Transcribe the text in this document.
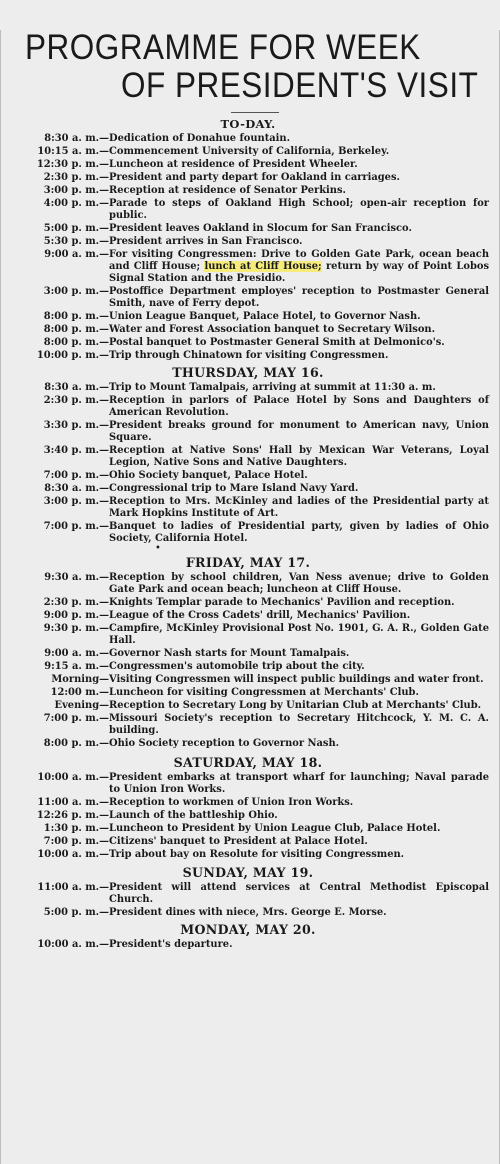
PROGRAMME FOR WEEK
OF PRESIDENT'S VISIT
TO-DAY.
8:30 a. m.— Dedication of Donahue fountain.
10:15 a. m.— Commencement University of California, Berkeley.
12:30 p. m.— Luncheon at residence of President Wheeler.
2:30 p. m.— President and party depart for Oakland in carriages.
3:00 p. m.— Reception at residence of Senator Perkins.
4:00 p. m.— Parade to steps of Oakland High School; open-air reception for public.
5:00 p. m.— President leaves Oakland in Slocum for San Francisco.
5:30 p. m.— President arrives in San Francisco.
9:00 a. m.— For visiting Congressmen: Drive to Golden Gate Park, ocean beach and Cliff House; lunch at Cliff House; return by way of Point Lobos Signal Station and the Presidio.
3:00 p. m.— Postoffice Department employes' reception to Postmaster General Smith, nave of Ferry depot.
8:00 p. m.— Union League Banquet, Palace Hotel, to Governor Nash.
8:00 p. m.— Water and Forest Association banquet to Secretary Wilson.
8:00 p. m.— Postal banquet to Postmaster General Smith at Delmonico's.
10:00 p. m.— Trip through Chinatown for visiting Congressmen.
THURSDAY, MAY 16.
8:30 a. m.— Trip to Mount Tamalpais, arriving at summit at 11:30 a. m.
2:30 p. m.— Reception in parlors of Palace Hotel by Sons and Daughters of American Revolution.
3:30 p. m.— President breaks ground for monument to American navy, Union Square.
3:40 p. m.— Reception at Native Sons' Hall by Mexican War Veterans, Loyal Legion, Native Sons and Native Daughters.
7:00 p. m.— Ohio Society banquet, Palace Hotel.
8:30 a. m.— Congressional trip to Mare Island Navy Yard.
3:00 p. m.— Reception to Mrs. McKinley and ladies of the Presidential party at Mark Hopkins Institute of Art.
7:00 p. m.— Banquet to ladies of Presidential party, given by ladies of Ohio Society, California Hotel.
•
FRIDAY, MAY 17.
9:30 a. m.— Reception by school children, Van Ness avenue; drive to Golden Gate Park and ocean beach; luncheon at Cliff House.
2:30 p. m.— Knights Templar parade to Mechanics' Pavilion and reception.
9:00 p. m.— League of the Cross Cadets' drill, Mechanics' Pavilion.
9:30 p. m.— Campfire, McKinley Provisional Post No. 1901, G. A. R., Golden Gate Hall.
9:00 a. m.— Governor Nash starts for Mount Tamalpais.
9:15 a. m.— Congressmen's automobile trip about the city.
Morning— Visiting Congressmen will inspect public buildings and water front.
12:00 m.— Luncheon for visiting Congressmen at Merchants' Club.
Evening— Reception to Secretary Long by Unitarian Club at Merchants' Club.
7:00 p. m.— Missouri Society's reception to Secretary Hitchcock, Y. M. C. A. building.
8:00 p. m.— Ohio Society reception to Governor Nash.
SATURDAY, MAY 18.
10:00 a. m.— President embarks at transport wharf for launching; Naval parade to Union Iron Works.
11:00 a. m.— Reception to workmen of Union Iron Works.
12:26 p. m.— Launch of the battleship Ohio.
1:30 p. m.— Luncheon to President by Union League Club, Palace Hotel.
7:00 p. m.— Citizens' banquet to President at Palace Hotel.
10:00 a. m.— Trip about bay on Resolute for visiting Congressmen.
SUNDAY, MAY 19.
11:00 a. m.— President will attend services at Central Methodist Episcopal Church.
5:00 p. m.— President dines with niece, Mrs. George E. Morse.
MONDAY, MAY 20.
10:00 a. m.— President's departure.
